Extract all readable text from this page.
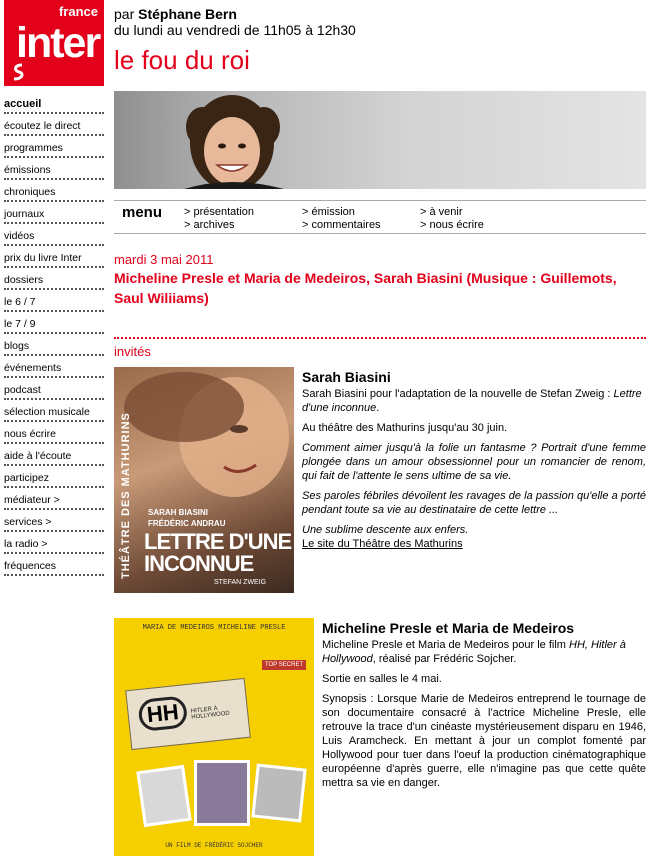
france
inter
par Stéphane Bern
du lundi au vendredi de 11h05 à 12h30
le fou du roi
accueil
écoutez le direct
programmes
émissions
chroniques
journaux
vidéos
prix du livre Inter
dossiers
le 6 / 7
le 7 / 9
blogs
événements
podcast
sélection musicale
nous écrire
aide à l'écoute
participez
médiateur >
services >
la radio >
fréquences
menu > présentation
> archives
> émission
> commentaires
> à venir
> nous écrire
mardi 3 mai 2011
Micheline Presle et Maria de Medeiros, Sarah Biasini (Musique : Guillemots, Saul Wiliiams)
invités
THÉÂTRE DES MATHURINS SARAH BIASINI
FRÉDÉRIC ANDRAU
LETTRE D'UNE
INCONNUE
STEFAN ZWEIG
Sarah Biasini
Sarah Biasini pour l'adaptation de la nouvelle de Stefan Zweig : Lettre d'une inconnue.
Au théâtre des Mathurins jusqu'au 30 juin.
Comment aimer jusqu'à la folie un fantasme ? Portrait d'une femme plongée dans un amour obsessionnel pour un romancier de renom, qui fait de l'attente le sens ultime de sa vie.
Ses paroles fébriles dévoilent les ravages de la passion qu'elle a porté pendant toute sa vie au destinataire de cette lettre ...
Une sublime descente aux enfers.
Le site du Théâtre des Mathurins
MARIA DE MEDEIROS MICHELINE PRESLE
HH	HITLER À HOLLYWOOD
TOP SECRET
UN FILM DE FRÉDÉRIC SOJCHER
Micheline Presle et Maria de Medeiros
Micheline Presle et Maria de Medeiros pour le film HH, Hitler à Hollywood, réalisé par Frédéric Sojcher.
Sortie en salles le 4 mai.
Synopsis : Lorsque Marie de Medeiros entreprend le tournage de son documentaire consacré à l'actrice Micheline Presle, elle retrouve la trace d'un cinéaste mystérieusement disparu en 1946, Luis Aramcheck. En mettant à jour un complot fomenté par Hollywood pour tuer dans l'oeuf la production cinématographique européenne d'après guerre, elle n'imagine pas que cette quête mettra sa vie en danger.
